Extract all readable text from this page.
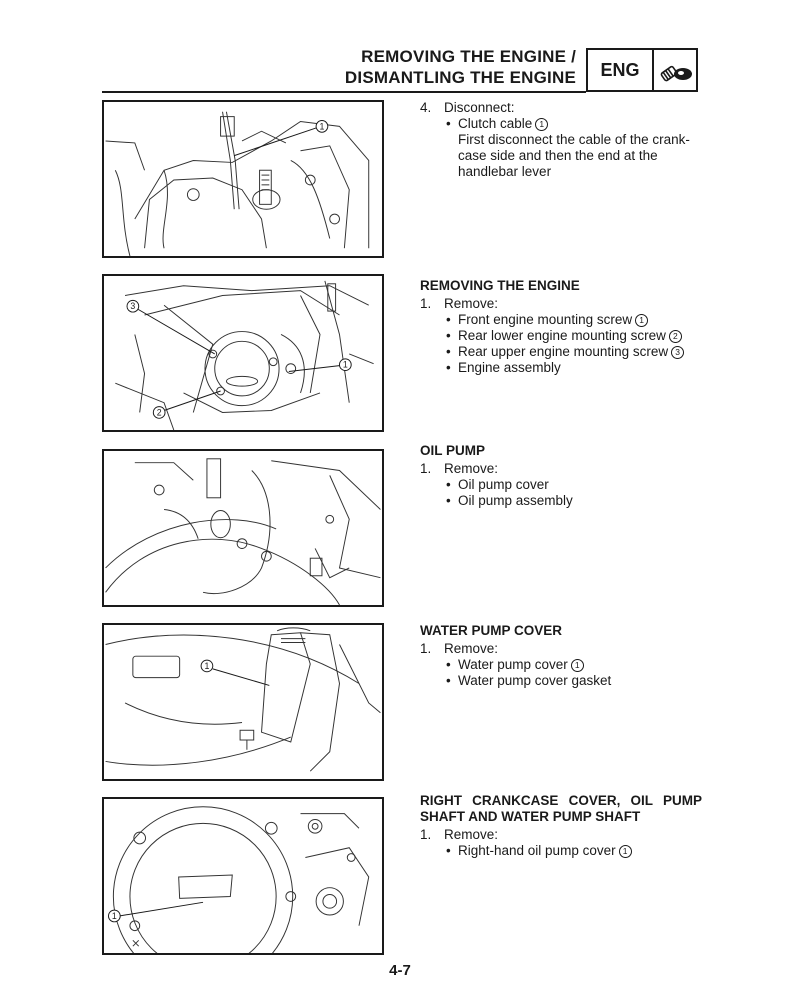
REMOVING THE ENGINE /
DISMANTLING THE ENGINE	ENG
1
3
1
2
1
1
4. Disconnect:
• Clutch cable 1
First disconnect the cable of the crank-case side and then the end at the handlebar lever
REMOVING THE ENGINE
1. Remove:
• Front engine mounting screw 1
• Rear lower engine mounting screw 2
• Rear upper engine mounting screw 3
• Engine assembly
OIL PUMP
1. Remove:
• Oil pump cover
• Oil pump assembly
WATER PUMP COVER
1. Remove:
• Water pump cover 1
• Water pump cover gasket
RIGHT CRANKCASE COVER, OIL PUMP SHAFT AND WATER PUMP SHAFT
1. Remove:
• Right-hand oil pump cover 1
4-7
